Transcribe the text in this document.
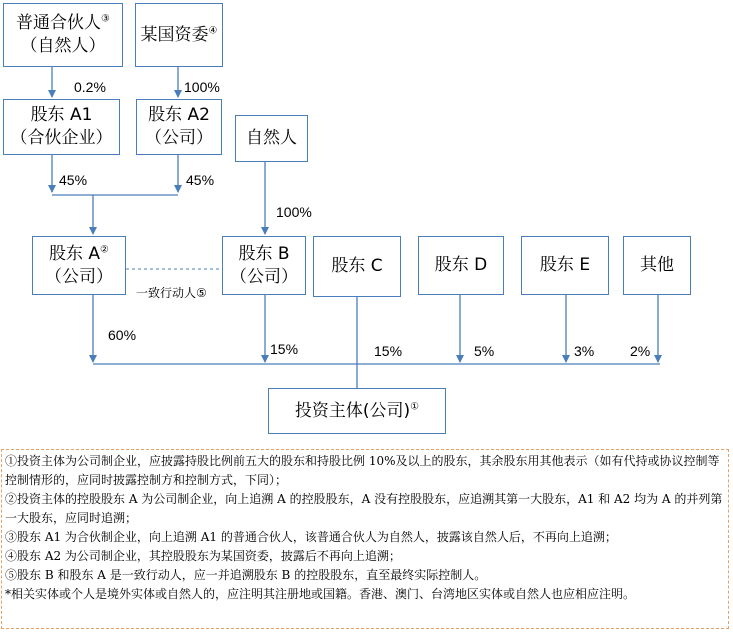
普通合伙人③
（自然人）
某国资委④
股东 A1
（合伙企业）
股东 A2
（公司） 自然人
股东 A②
（公司）
股东 B
（公司）
股东 C	股东 D	股东 E	其他
投资主体(公司)①
0.2%	100%
45%	45%
100%
60%
15%	15%	5%	3%	2%
一致行动人⑤

①投资主体为公司制企业，应披露持股比例前五大的股东和持股比例 10%及以上的股东，其余股东用其他表示（如有代持或协议控制等控制情形的，应同时披露控制方和控制方式，下同）；

②投资主体的控股股东 A 为公司制企业，向上追溯 A 的控股股东，A 没有控股股东，应追溯其第一大股东，A1 和 A2 均为 A 的并列第一大股东，应同时追溯；

③股东 A1 为合伙制企业，向上追溯 A1 的普通合伙人，该普通合伙人为自然人，披露该自然人后，不再向上追溯；

④股东 A2 为公司制企业，其控股股东为某国资委，披露后不再向上追溯；

⑤股东 B 和股东 A 是一致行动人，应一并追溯股东 B 的控股股东，直至最终实际控制人。

*相关实体或个人是境外实体或自然人的，应注明其注册地或国籍。香港、澳门、台湾地区实体或自然人也应相应注明。
